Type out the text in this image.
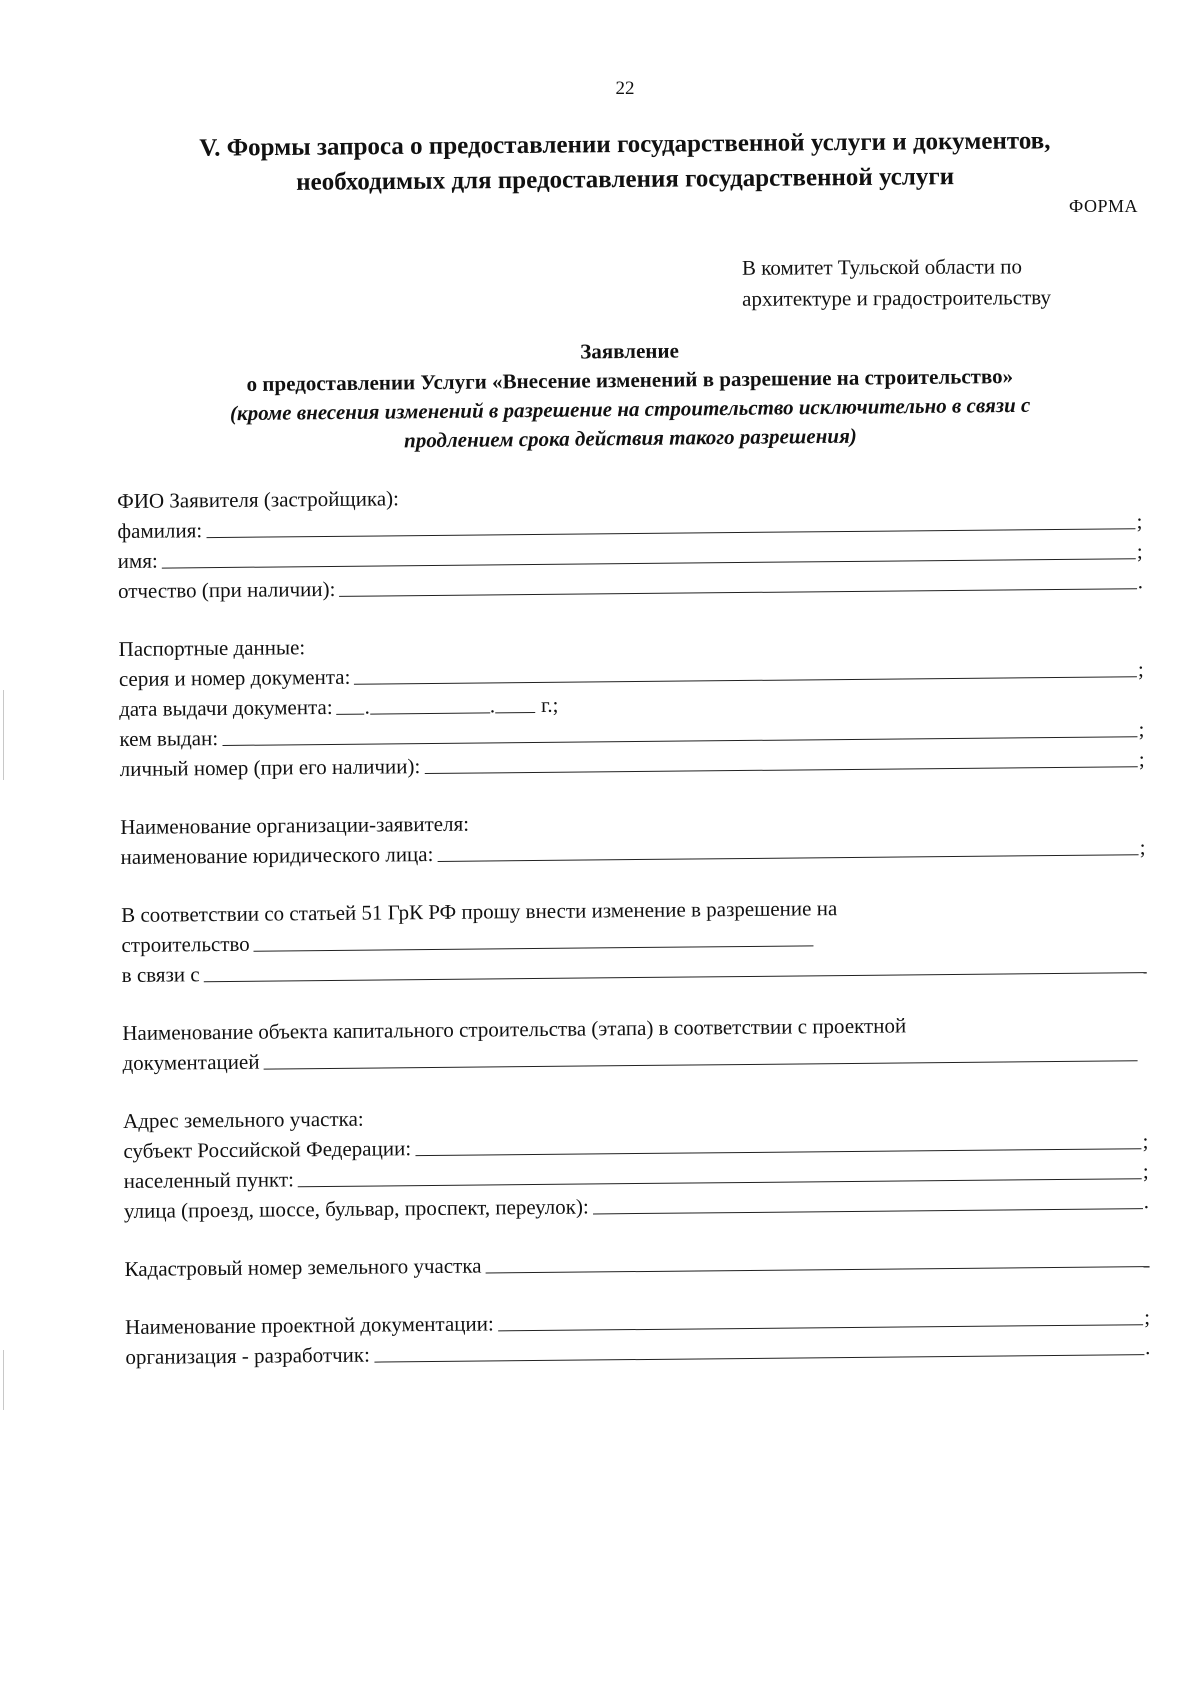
22
V. Формы запроса о предоставлении государственной услуги и документов,
необходимых для предоставления государственной услуги
ФОРМА
В комитет Тульской области по
архитектуре и градостроительству
Заявление
о предоставлении Услуги «Внесение изменений в разрешение на строительство»
(кроме внесения изменений в разрешение на строительство исключительно в связи с
продлением срока действия такого разрешения)
ФИО Заявителя (застройщика):
фамилия:	;
имя:	;
отчество (при наличии):	.
Паспортные данные:
серия и номер документа:	;
дата выдачи документа: .	. г.;
кем выдан:	;
личный номер (при его наличии):	;
Наименование организации-заявителя:
наименование юридического лица:	;
В соответствии со статьей 51 ГрК РФ прошу внести изменение в разрешение на
строительство
в связи с
Наименование объекта капитального строительства (этапа) в соответствии с проектной
документацией
Адрес земельного участка:
субъект Российской Федерации:	;
населенный пункт:	;
улица (проезд, шоссе, бульвар, проспект, переулок):	.
Кадастровый номер земельного участка
Наименование проектной документации:	;
организация - разработчик:	.
